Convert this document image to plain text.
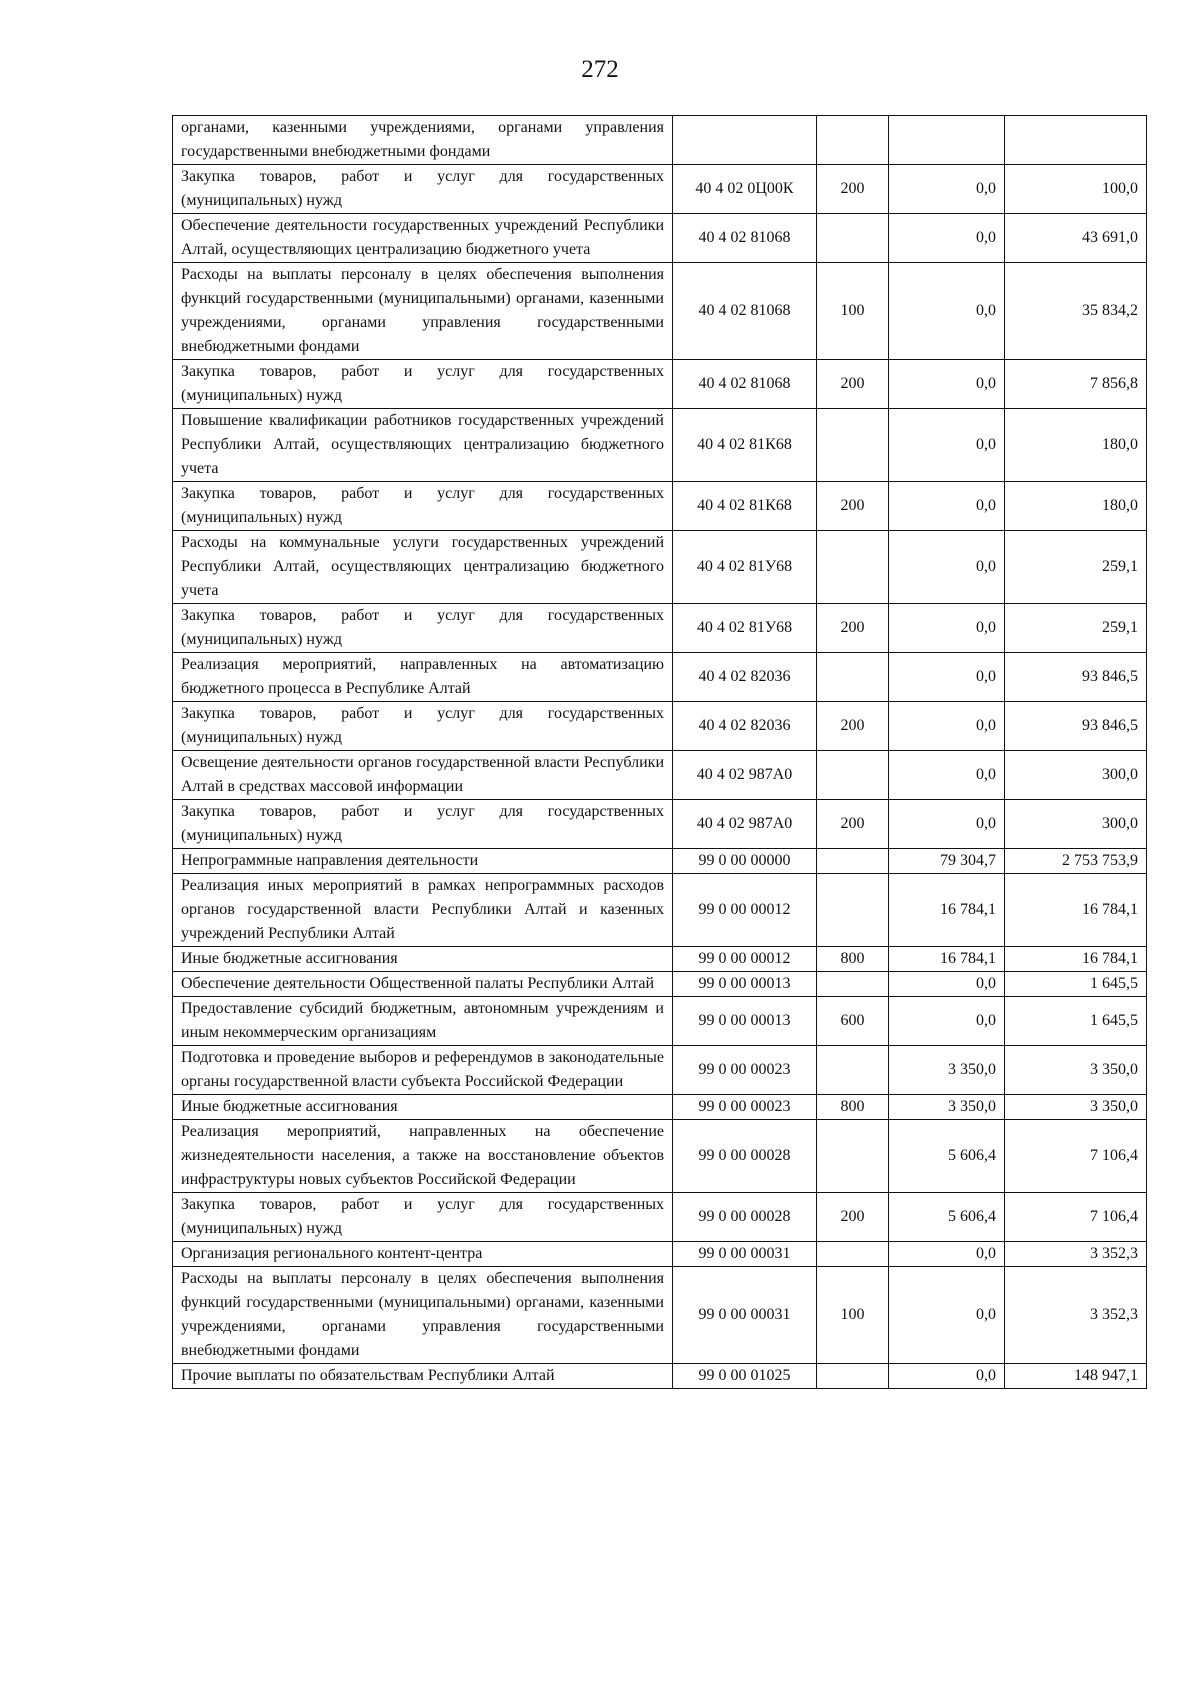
272
органами, казенными учреждениями, органами управления государственными внебюджетными фондами				
Закупка товаров, работ и услуг для государственных (муниципальных) нужд	40 4 02 0Ц00К	200	0,0	100,0
Обеспечение деятельности государственных учреждений Республики Алтай, осуществляющих централизацию бюджетного учета	40 4 02 81068		0,0	43 691,0
Расходы на выплаты персоналу в целях обеспечения выполнения функций государственными (муниципальными) органами, казенными учреждениями, органами управления государственными внебюджетными фондами	40 4 02 81068	100	0,0	35 834,2
Закупка товаров, работ и услуг для государственных (муниципальных) нужд	40 4 02 81068	200	0,0	7 856,8
Повышение квалификации работников государственных учреждений Республики Алтай, осуществляющих централизацию бюджетного учета	40 4 02 81К68		0,0	180,0
Закупка товаров, работ и услуг для государственных (муниципальных) нужд	40 4 02 81К68	200	0,0	180,0
Расходы на коммунальные услуги государственных учреждений Республики Алтай, осуществляющих централизацию бюджетного учета	40 4 02 81У68		0,0	259,1
Закупка товаров, работ и услуг для государственных (муниципальных) нужд	40 4 02 81У68	200	0,0	259,1
Реализация мероприятий, направленных на автоматизацию бюджетного процесса в Республике Алтай	40 4 02 82036		0,0	93 846,5
Закупка товаров, работ и услуг для государственных (муниципальных) нужд	40 4 02 82036	200	0,0	93 846,5
Освещение деятельности органов государственной власти Республики Алтай в средствах массовой информации	40 4 02 987А0		0,0	300,0
Закупка товаров, работ и услуг для государственных (муниципальных) нужд	40 4 02 987А0	200	0,0	300,0
Непрограммные направления деятельности	99 0 00 00000		79 304,7	2 753 753,9
Реализация иных мероприятий в рамках непрограммных расходов органов государственной власти Республики Алтай и казенных учреждений Республики Алтай	99 0 00 00012		16 784,1	16 784,1
Иные бюджетные ассигнования	99 0 00 00012	800	16 784,1	16 784,1
Обеспечение деятельности Общественной палаты Республики Алтай	99 0 00 00013		0,0	1 645,5
Предоставление субсидий бюджетным, автономным учреждениям и иным некоммерческим организациям	99 0 00 00013	600	0,0	1 645,5
Подготовка и проведение выборов и референдумов в законодательные органы государственной власти субъекта Российской Федерации	99 0 00 00023		3 350,0	3 350,0
Иные бюджетные ассигнования	99 0 00 00023	800	3 350,0	3 350,0
Реализация мероприятий, направленных на обеспечение жизнедеятельности населения, а также на восстановление объектов инфраструктуры новых субъектов Российской Федерации	99 0 00 00028		5 606,4	7 106,4
Закупка товаров, работ и услуг для государственных (муниципальных) нужд	99 0 00 00028	200	5 606,4	7 106,4
Организация регионального контент-центра	99 0 00 00031		0,0	3 352,3
Расходы на выплаты персоналу в целях обеспечения выполнения функций государственными (муниципальными) органами, казенными учреждениями, органами управления государственными внебюджетными фондами	99 0 00 00031	100	0,0	3 352,3
Прочие выплаты по обязательствам Республики Алтай	99 0 00 01025		0,0	148 947,1
